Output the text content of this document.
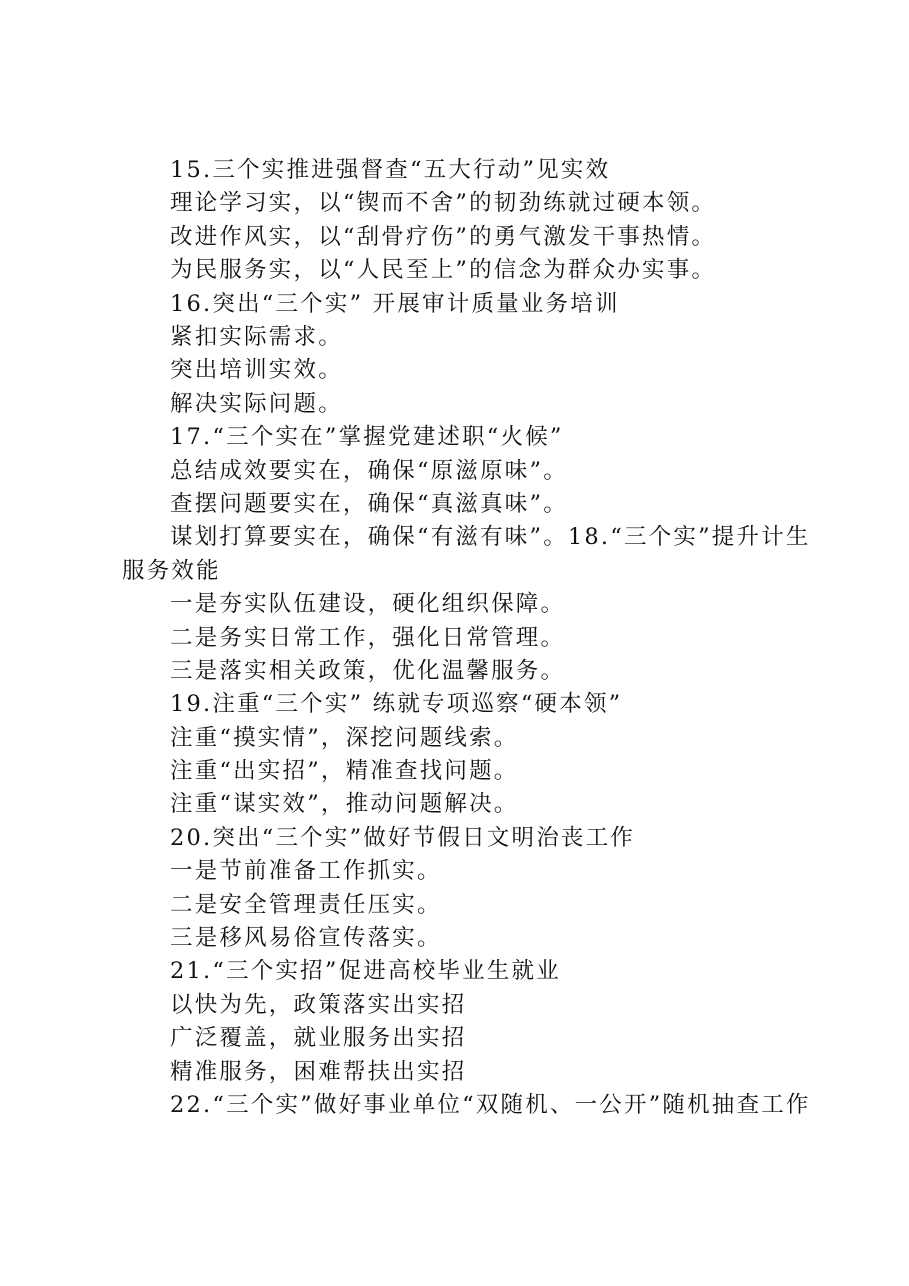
15.三个实推进强督查“五大行动”见实效
理论学习实，以“锲而不舍”的韧劲练就过硬本领。
改进作风实，以“刮骨疗伤”的勇气激发干事热情。
为民服务实，以“人民至上”的信念为群众办实事。
16.突出“三个实” 开展审计质量业务培训
紧扣实际需求。
突出培训实效。
解决实际问题。
17.“三个实在”掌握党建述职“火候”
总结成效要实在，确保“原滋原味”。
查摆问题要实在，确保“真滋真味”。
谋划打算要实在，确保“有滋有味”。18.“三个实”提升计生服务效能
一是夯实队伍建设，硬化组织保障。
二是务实日常工作，强化日常管理。
三是落实相关政策，优化温馨服务。
19.注重“三个实” 练就专项巡察“硬本领”
注重“摸实情”，深挖问题线索。
注重“出实招”，精准查找问题。
注重“谋实效”，推动问题解决。
20.突出“三个实”做好节假日文明治丧工作
一是节前准备工作抓实。
二是安全管理责任压实。
三是移风易俗宣传落实。
21.“三个实招”促进高校毕业生就业
以快为先，政策落实出实招
广泛覆盖，就业服务出实招
精准服务，困难帮扶出实招
22.“三个实”做好事业单位“双随机、一公开”随机抽查工作
